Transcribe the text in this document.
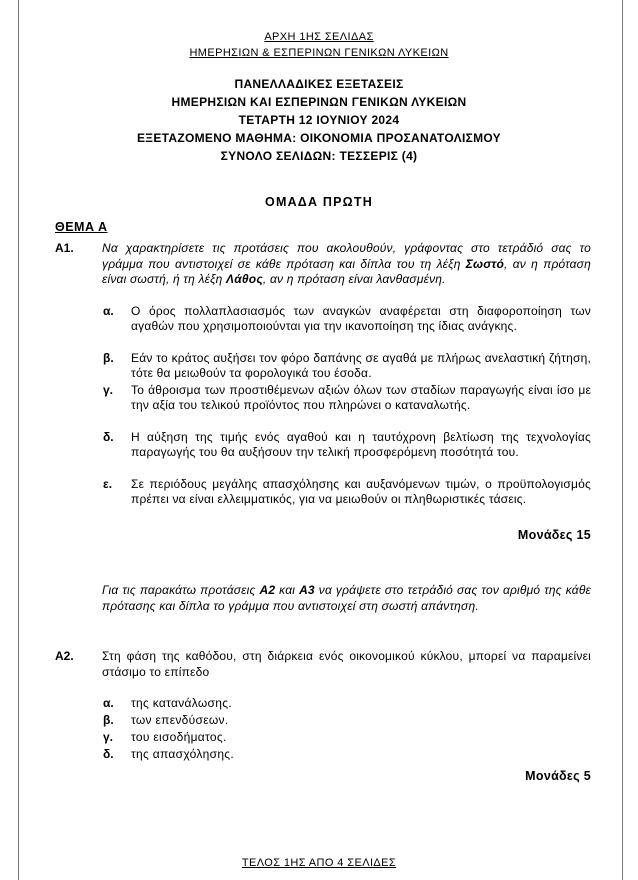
ΑΡΧΗ 1ΗΣ ΣΕΛΙΔΑΣ
ΗΜΕΡΗΣΙΩΝ & ΕΣΠΕΡΙΝΩΝ ΓΕΝΙΚΩΝ ΛΥΚΕΙΩΝ
ΠΑΝΕΛΛΑΔΙΚΕΣ ΕΞΕΤΑΣΕΙΣ
ΗΜΕΡΗΣΙΩΝ ΚΑΙ ΕΣΠΕΡΙΝΩΝ ΓΕΝΙΚΩΝ ΛΥΚΕΙΩΝ
ΤΕΤΑΡΤΗ 12 ΙΟΥΝΙΟΥ 2024
ΕΞΕΤΑΖΟΜΕΝΟ ΜΑΘΗΜΑ: ΟΙΚΟΝΟΜΙΑ ΠΡΟΣΑΝΑΤΟΛΙΣΜΟΥ
ΣΥΝΟΛΟ ΣΕΛΙΔΩΝ: ΤΕΣΣΕΡΙΣ (4)
ΟΜΑΔΑ ΠΡΩΤΗ
ΘΕΜΑ Α
Α1. Να χαρακτηρίσετε τις προτάσεις που ακολουθούν, γράφοντας στο τετράδιό σας το γράμμα που αντιστοιχεί σε κάθε πρόταση και δίπλα του τη λέξη Σωστό, αν η πρόταση είναι σωστή, ή τη λέξη Λάθος, αν η πρόταση είναι λανθασμένη.
α. Ο όρος πολλαπλασιασμός των αναγκών αναφέρεται στη διαφοροποίηση των αγαθών που χρησιμοποιούνται για την ικανοποίηση της ίδιας ανάγκης.
β. Εάν το κράτος αυξήσει τον φόρο δαπάνης σε αγαθά με πλήρως ανελαστική ζήτηση, τότε θα μειωθούν τα φορολογικά του έσοδα.
γ. Το άθροισμα των προστιθέμενων αξιών όλων των σταδίων παραγωγής είναι ίσο με την αξία του τελικού προϊόντος που πληρώνει ο καταναλωτής.
δ. Η αύξηση της τιμής ενός αγαθού και η ταυτόχρονη βελτίωση της τεχνολογίας παραγωγής του θα αυξήσουν την τελική προσφερόμενη ποσότητά του.
ε. Σε περιόδους μεγάλης απασχόλησης και αυξανόμενων τιμών, ο προϋπολογισμός πρέπει να είναι ελλειμματικός, για να μειωθούν οι πληθωριστικές τάσεις.
Μονάδες 15
Για τις παρακάτω προτάσεις Α2 και Α3 να γράψετε στο τετράδιό σας τον αριθμό της κάθε πρότασης και δίπλα το γράμμα που αντιστοιχεί στη σωστή απάντηση.
Α2. Στη φάση της καθόδου, στη διάρκεια ενός οικονομικού κύκλου, μπορεί να παραμείνει στάσιμο το επίπεδο
α. της κατανάλωσης.
β. των επενδύσεων.
γ. του εισοδήματος.
δ. της απασχόλησης.
Μονάδες 5
ΤΕΛΟΣ 1ΗΣ ΑΠΟ 4 ΣΕΛΙΔΕΣ
